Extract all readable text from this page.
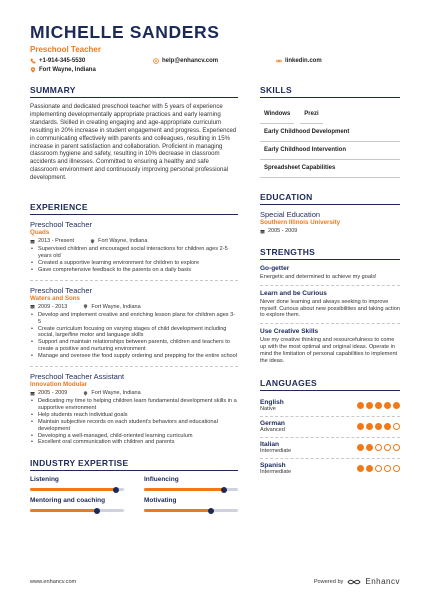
MICHELLE SANDERS
Preschool Teacher
+1-914-345-5530	help@enhancv.com	linkedin.com
Fort Wayne, Indiana
SUMMARY

Passionate and dedicated preschool teacher with 5 years of experience implementing developmentally appropriate practices and early learning standards. Skilled in creating engaging and age-appropriate curriculum resulting in 20% increase in student engagement and progress. Experienced in communicating effectively with parents and colleagues, resulting in 15% increase in parent satisfaction and collaboration. Proficient in managing classroom hygiene and safety, resulting in 10% decrease in classroom accidents and illnesses. Committed to ensuring a healthy and safe classroom environment and continuously improving personal professional development.

EXPERIENCE
Preschool Teacher
Quads
2013 - Present	Fort Wayne, Indiana
• Supervised children and encouraged social interactions for children ages 2-5 years old
• Created a supportive learning environment for children to explore
• Gave comprehensive feedback to the parents on a daily basis
Preschool Teacher
Waters and Sons
2009 - 2013	Fort Wayne, Indiana
• Develop and implement creative and enriching lesson plans for children ages 3-5
• Create curriculum focusing on varying stages of child development including social, large/fine motor and language skills
• Support and maintain relationships between parents, children and teachers to create a positive and nurturing environment
• Manage and oversee the food supply ordering and prepping for the entire school
Preschool Teacher Assistant
Innovation Modular
2005 - 2009	Fort Wayne, Indiana
• Dedicating my time to helping children learn fundamental development skills in a supportive environment
• Help students reach individual goals
• Maintain subjective records on each student's behaviors and educational development
• Developing a well-managed, child-oriented learning curriculum
• Excellent oral communication with children and parents
INDUSTRY EXPERTISE
Listening	Influencing
Mentoring and coaching	Motivating
SKILLS
Windows	Prezi
Early Childhood Development
Early Childhood Intervention
Spreadsheet Capabilities
EDUCATION
Special Education
Southern Illinois University
2005 - 2009
STRENGTHS
Go-getter
Energetic and determined to achieve my goals!
Learn and be Curious
Never done learning and always seeking to improve myself. Curious about new possibilities and taking action to explore them.
Use Creative Skills
Use my creative thinking and resourcefulness to come up with the most optimal and original ideas. Operate in mind the limitation of personal capabilities to implement the ideas.
LANGUAGES
English
Native
German
Advanced
Italian
Intermediate
Spanish
Intermediate
www.enhancv.com	Powered by	Enhancv
